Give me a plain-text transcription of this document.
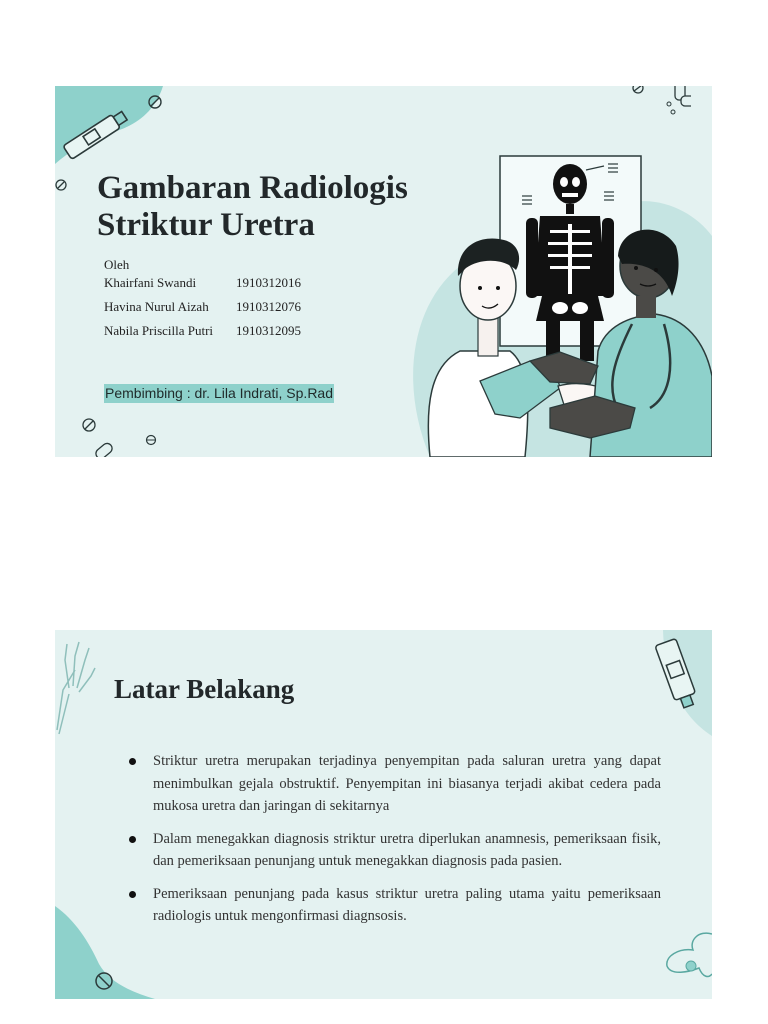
Gambaran Radiologis
Striktur Uretra
Oleh
Khairfani Swandi	1910312016
Havina Nurul Aizah	1910312076
Nabila Priscilla Putri	1910312095
Pembimbing : dr. Lila Indrati, Sp.Rad
Latar Belakang
Striktur uretra merupakan terjadinya penyempitan pada saluran uretra yang dapat menimbulkan gejala obstruktif. Penyempitan ini biasanya terjadi akibat cedera pada mukosa uretra dan jaringan di sekitarnya
Dalam menegakkan diagnosis striktur uretra diperlukan anamnesis, pemeriksaan fisik, dan pemeriksaan penunjang untuk menegakkan diagnosis pada pasien.
Pemeriksaan penunjang pada kasus striktur uretra paling utama yaitu pemeriksaan radiologis untuk mengonfirmasi diagnsosis.
